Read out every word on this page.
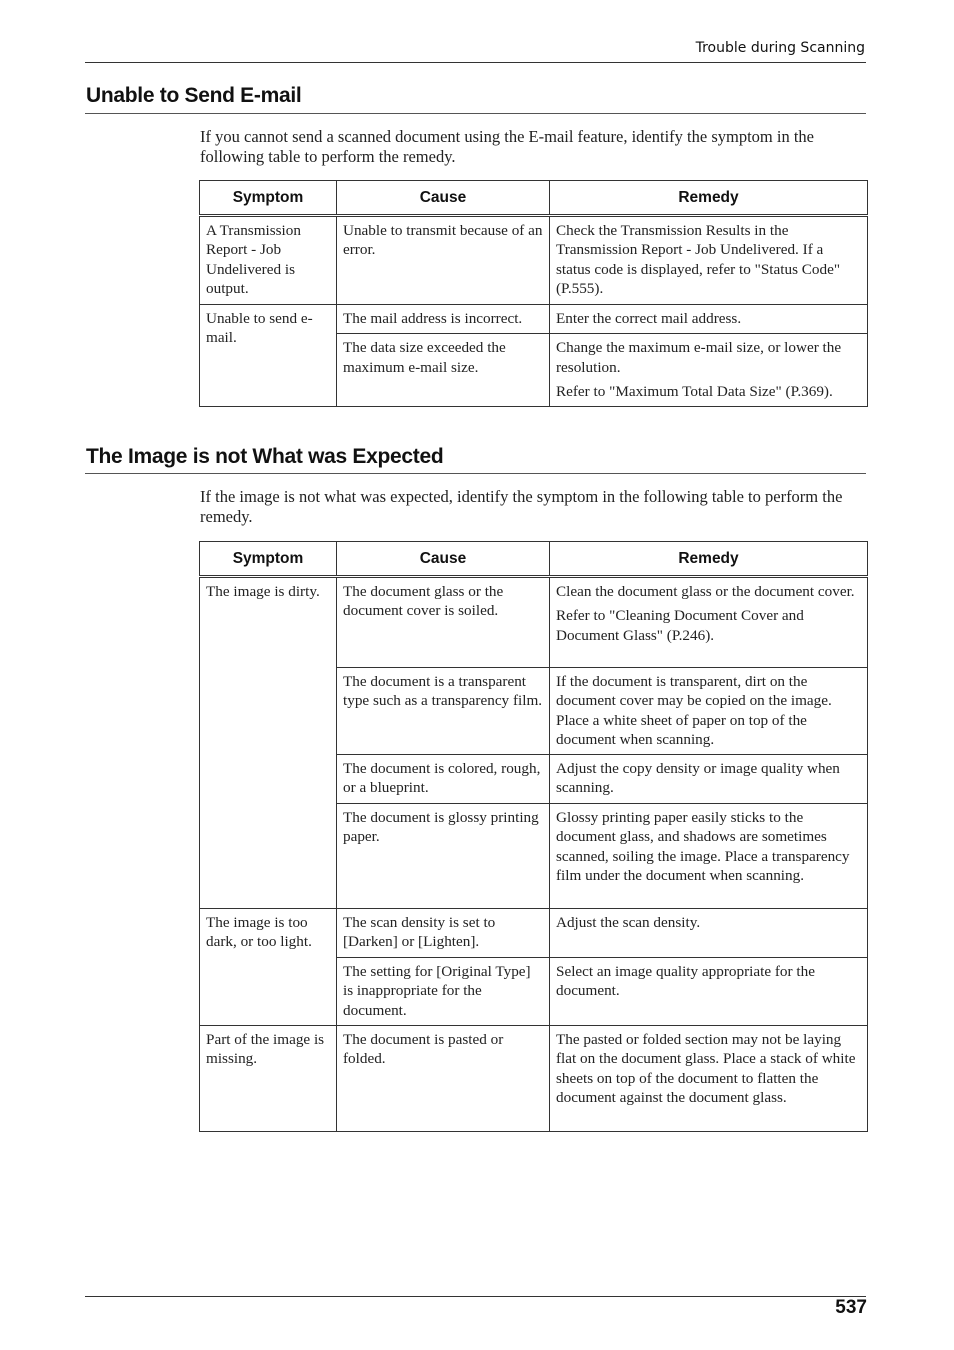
Trouble during Scanning
Unable to Send E-mail
If you cannot send a scanned document using the E-mail feature, identify the symptom in the following table to perform the remedy.
Symptom	Cause	Remedy
A Transmission Report - Job Undelivered is output.	Unable to transmit because of an error.	Check the Transmission Results in the Transmission Report - Job Undelivered. If a status code is displayed, refer to "Status Code" (P.555).

Unable to send e-mail.	The mail address is incorrect.	Enter the correct mail address.

	The data size exceeded the maximum e-mail size.	Change the maximum e-mail size, or lower the resolution.

Refer to "Maximum Total Data Size" (P.369).

The Image is not What was Expected
If the image is not what was expected, identify the symptom in the following table to perform the remedy.
Symptom	Cause	Remedy
The image is dirty.	The document glass or the document cover is soiled.	Clean the document glass or the document cover.

Refer to "Cleaning Document Cover and Document Glass" (P.246).

	The document is a transparent type such as a transparency film.	If the document is transparent, dirt on the document cover may be copied on the image. Place a white sheet of paper on top of the document when scanning.

	The document is colored, rough, or a blueprint.	Adjust the copy density or image quality when scanning.

	The document is glossy printing paper.	Glossy printing paper easily sticks to the document glass, and shadows are sometimes scanned, soiling the image. Place a transparency film under the document when scanning.

The image is too dark, or too light.	The scan density is set to [Darken] or [Lighten].	Adjust the scan density.

	The setting for [Original Type] is inappropriate for the document.	Select an image quality appropriate for the document.

Part of the image is missing.	The document is pasted or folded.	The pasted or folded section may not be laying flat on the document glass. Place a stack of white sheets on top of the document to flatten the document against the document glass.

537
